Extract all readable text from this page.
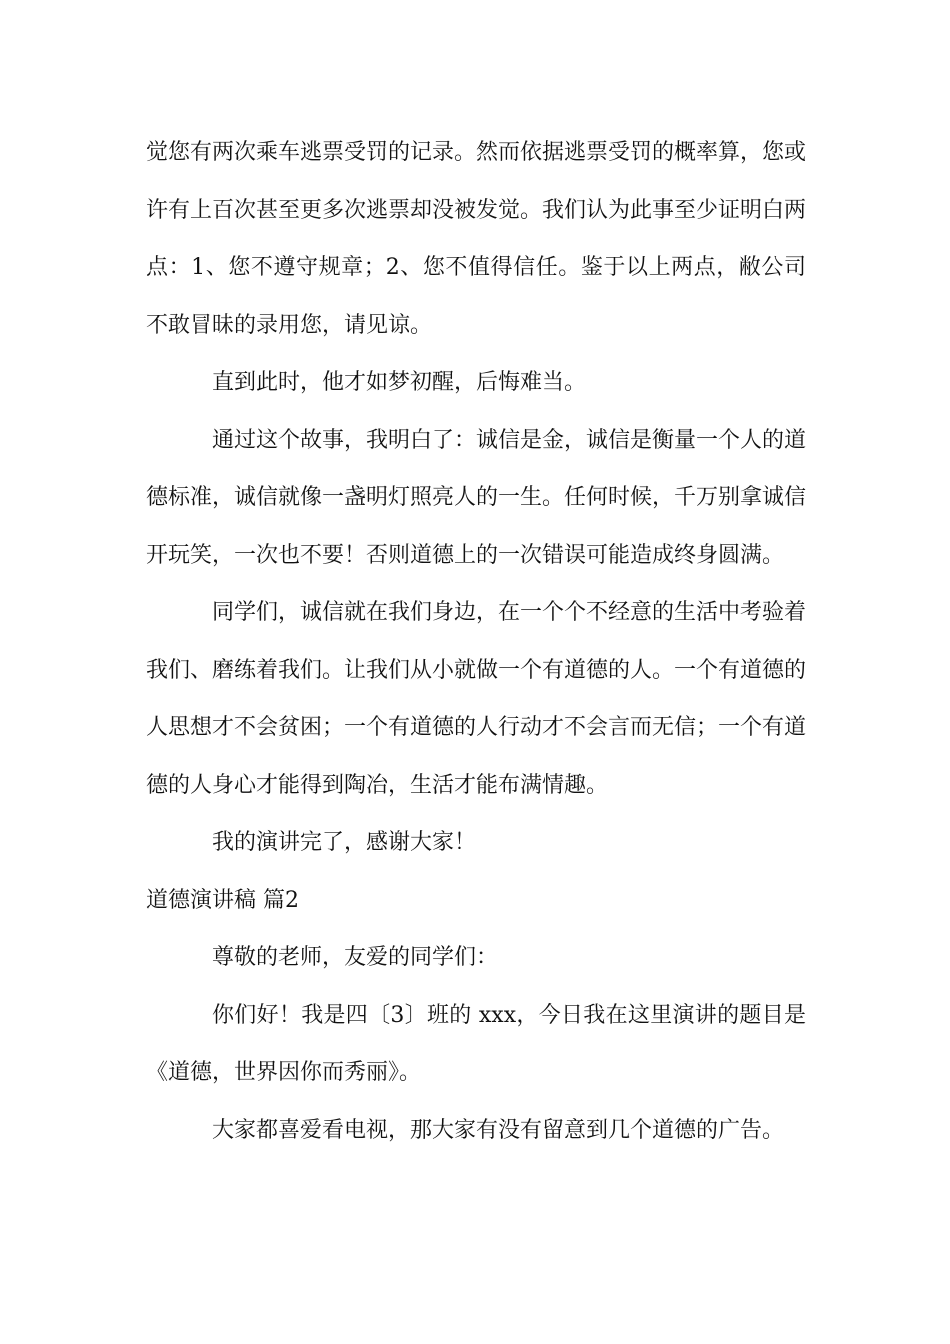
觉您有两次乘车逃票受罚的记录。然而依据逃票受罚的概率算，您或许有上百次甚至更多次逃票却没被发觉。我们认为此事至少证明白两点：1、您不遵守规章；2、您不值得信任。鉴于以上两点，敝公司不敢冒昧的录用您，请见谅。

直到此时，他才如梦初醒，后悔难当。

通过这个故事，我明白了：诚信是金，诚信是衡量一个人的道德标准，诚信就像一盏明灯照亮人的一生。任何时候，千万别拿诚信开玩笑，一次也不要！否则道德上的一次错误可能造成终身圆满。

同学们，诚信就在我们身边，在一个个不经意的生活中考验着我们、磨练着我们。让我们从小就做一个有道德的人。一个有道德的人思想才不会贫困；一个有道德的人行动才不会言而无信；一个有道德的人身心才能得到陶冶，生活才能布满情趣。

我的演讲完了，感谢大家！

道德演讲稿 篇2

尊敬的老师，友爱的同学们：

你们好！我是四〔3〕班的 xxx，今日我在这里演讲的题目是《道德，世界因你而秀丽》。

大家都喜爱看电视，那大家有没有留意到几个道德的广告。
